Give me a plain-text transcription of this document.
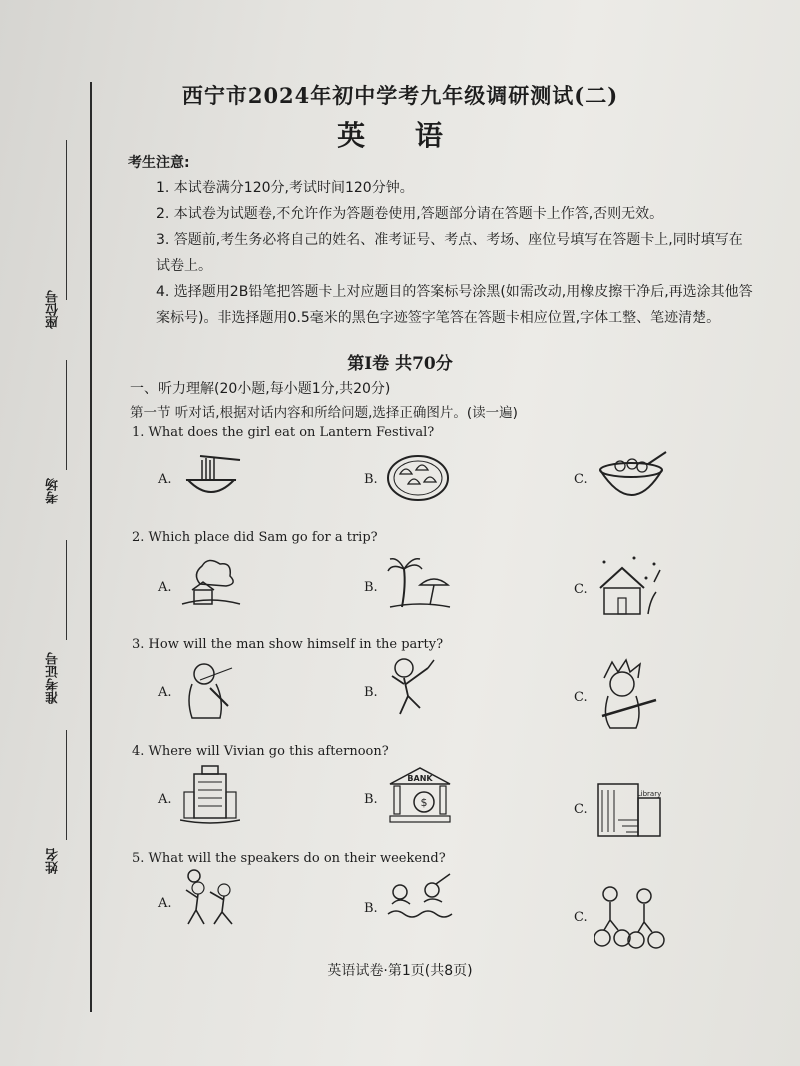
座位号
考场
准考证号
姓名
西宁市2024年初中学考九年级调研测试(二)
英 语
考生注意:
1. 本试卷满分120分,考试时间120分钟。
2. 本试卷为试题卷,不允许作为答题卷使用,答题部分请在答题卡上作答,否则无效。
3. 答题前,考生务必将自己的姓名、准考证号、考点、考场、座位号填写在答题卡上,同时填写在试卷上。
4. 选择题用2B铅笔把答题卡上对应题目的答案标号涂黑(如需改动,用橡皮擦干净后,再选涂其他答案标号)。非选择题用0.5毫米的黑色字迹签字笔答在答题卡相应位置,字体工整、笔迹清楚。
第Ⅰ卷 共70分
一、听力理解(20小题,每小题1分,共20分)
第一节 听对话,根据对话内容和所给问题,选择正确图片。(读一遍)
1. What does the girl eat on Lantern Festival?
A.	B.	C.
2. Which place did Sam go for a trip?
A.	B.	C.
3. How will the man show himself in the party?
A.	B.	C.
4. Where will Vivian go this afternoon?
A.	B.
BANK
$	C.
Library
5. What will the speakers do on their weekend?
A.	B.
C.
英语试卷·第1页(共8页)
